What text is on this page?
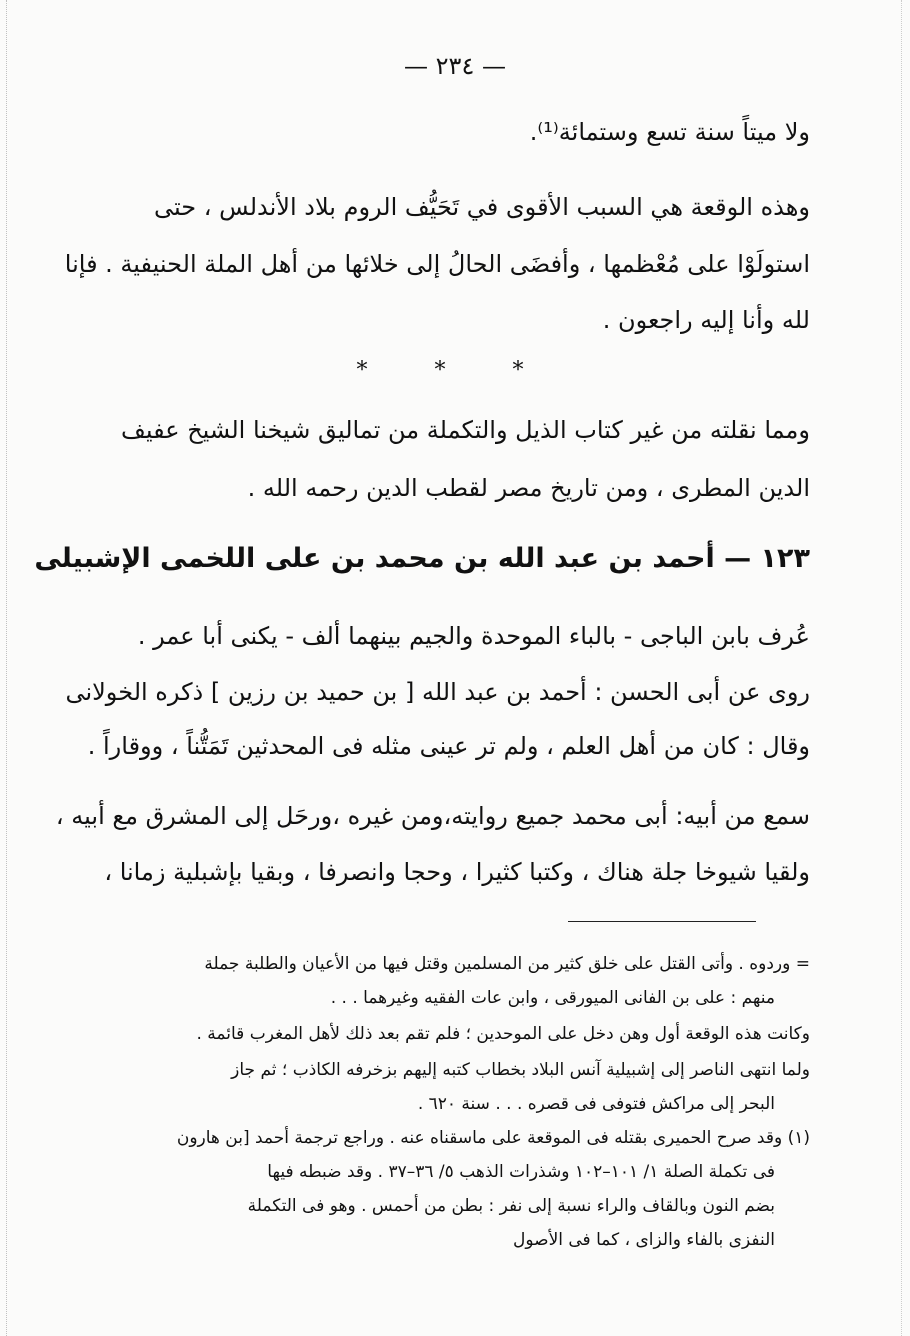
— ٢٣٤ —
ولا ميتاً سنة تسع وستمائة⁽¹⁾.
وهذه الوقعة هي السبب الأقوى في تَحَيُّف الروم بلاد الأندلس ، حتى
استولَوْا على مُعْظمها ، وأفضَى الحالُ إلى خلائها من أهل الملة الحنيفية . فإنا
لله وأنا إليه راجعون .
* * *
ومما نقلته من غير كتاب الذيل والتكملة من تماليق شيخنا الشيخ عفيف
الدين المطرى ، ومن تاريخ مصر لقطب الدين رحمه الله .
١٢٣ — أحمد بن عبد الله بن محمد بن على اللخمى الإشبيلى
عُرف بابن الباجى - بالباء الموحدة والجيم بينهما ألف - يكنى أبا عمر .
روى عن أبى الحسن : أحمد بن عبد الله [ بن حميد بن رزين ] ذكره الخولانى
وقال : كان من أهل العلم ، ولم تر عينى مثله فى المحدثين تَمَتُّناً ، ووقاراً .
سمع من أبيه: أبى محمد جميع روايته،ومن غيره ،ورحَل إلى المشرق مع أبيه ،
ولقيا شيوخا جلة هناك ، وكتبا كثيرا ، وحجا وانصرفا ، وبقيا بإشبلية زمانا ،
= وردوه . وأتى القتل على خلق كثير من المسلمين وقتل فيها من الأعيان والطلبة جملة
منهم : على بن الفانى الميورقى ، وابن عات الفقيه وغيرهما . . .
وكانت هذه الوقعة أول وهن دخل على الموحدين ؛ فلم تقم بعد ذلك لأهل المغرب قائمة .
ولما انتهى الناصر إلى إشبيلية آنس البلاد بخطاب كتبه إليهم بزخرفه الكاذب ؛ ثم جاز
البحر إلى مراكش فتوفى فى قصره . . . سنة ٦٢٠ .
(١) وقد صرح الحميرى بقتله فى الموقعة على ماسقناه عنه . وراجع ترجمة أحمد [بن هارون
فى تكملة الصلة ١/ ١٠١–١٠٢ وشذرات الذهب ٥/ ٣٦–٣٧ . وقد ضبطه فيها
بضم النون وبالقاف والراء نسبة إلى نفر : بطن من أحمس . وهو فى التكملة
النفزى بالفاء والزاى ، كما فى الأصول
